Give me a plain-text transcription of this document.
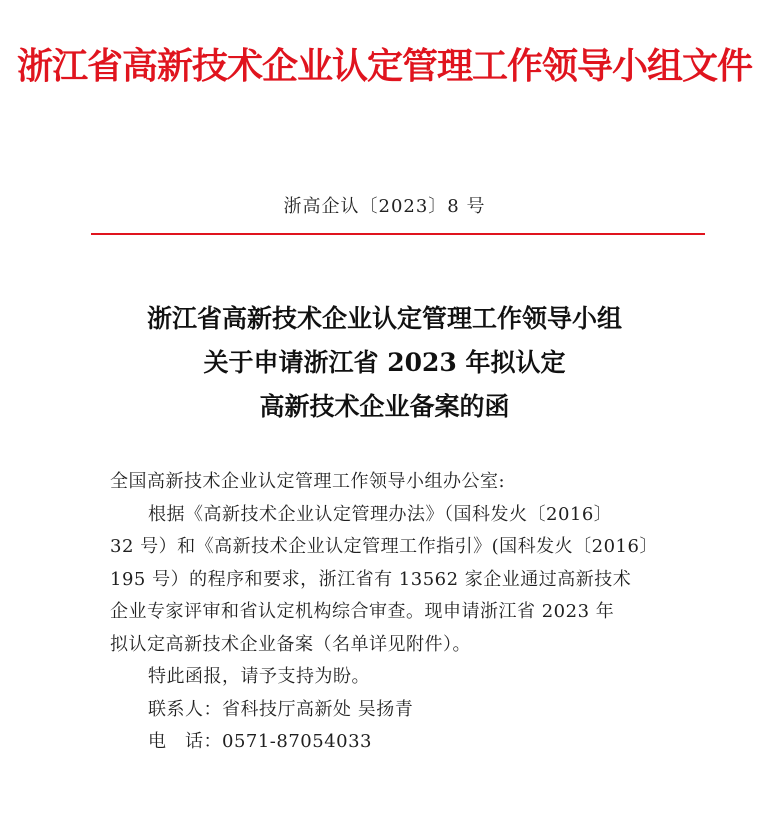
浙江省高新技术企业认定管理工作领导小组文件
浙高企认〔2023〕8 号
浙江省高新技术企业认定管理工作领导小组
关于申请浙江省 2023 年拟认定
高新技术企业备案的函
全国高新技术企业认定管理工作领导小组办公室:
根据《高新技术企业认定管理办法》（国科发火〔2016〕
32 号）和《高新技术企业认定管理工作指引》(国科发火〔2016〕
195 号）的程序和要求，浙江省有 13562 家企业通过高新技术
企业专家评审和省认定机构综合审查。现申请浙江省 2023 年
拟认定高新技术企业备案（名单详见附件）。
特此函报，请予支持为盼。
联系人：省科技厅高新处 吴扬青
电　话：0571-87054033
